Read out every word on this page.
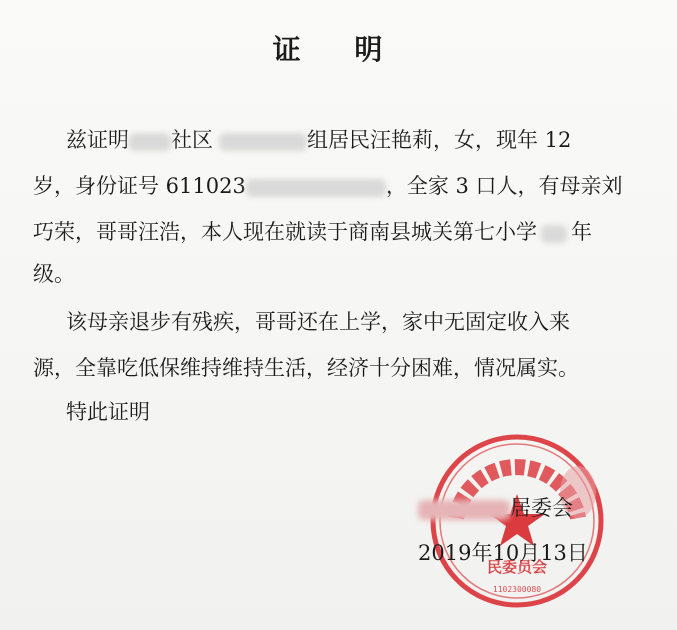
证 明
兹证明 社区	组居民汪艳莉，女，现年 12
岁，身份证号 611023	，全家 3 口人，有母亲刘
巧荣，哥哥汪浩，本人现在就读于商南县城关第七小学 年
级。
该母亲退步有残疾，哥哥还在上学，家中无固定收入来
源，全靠吃低保维持维持生活，经济十分困难，情况属实。
特此证明
民委员会
1102300080
居委会
2019年10月13日
